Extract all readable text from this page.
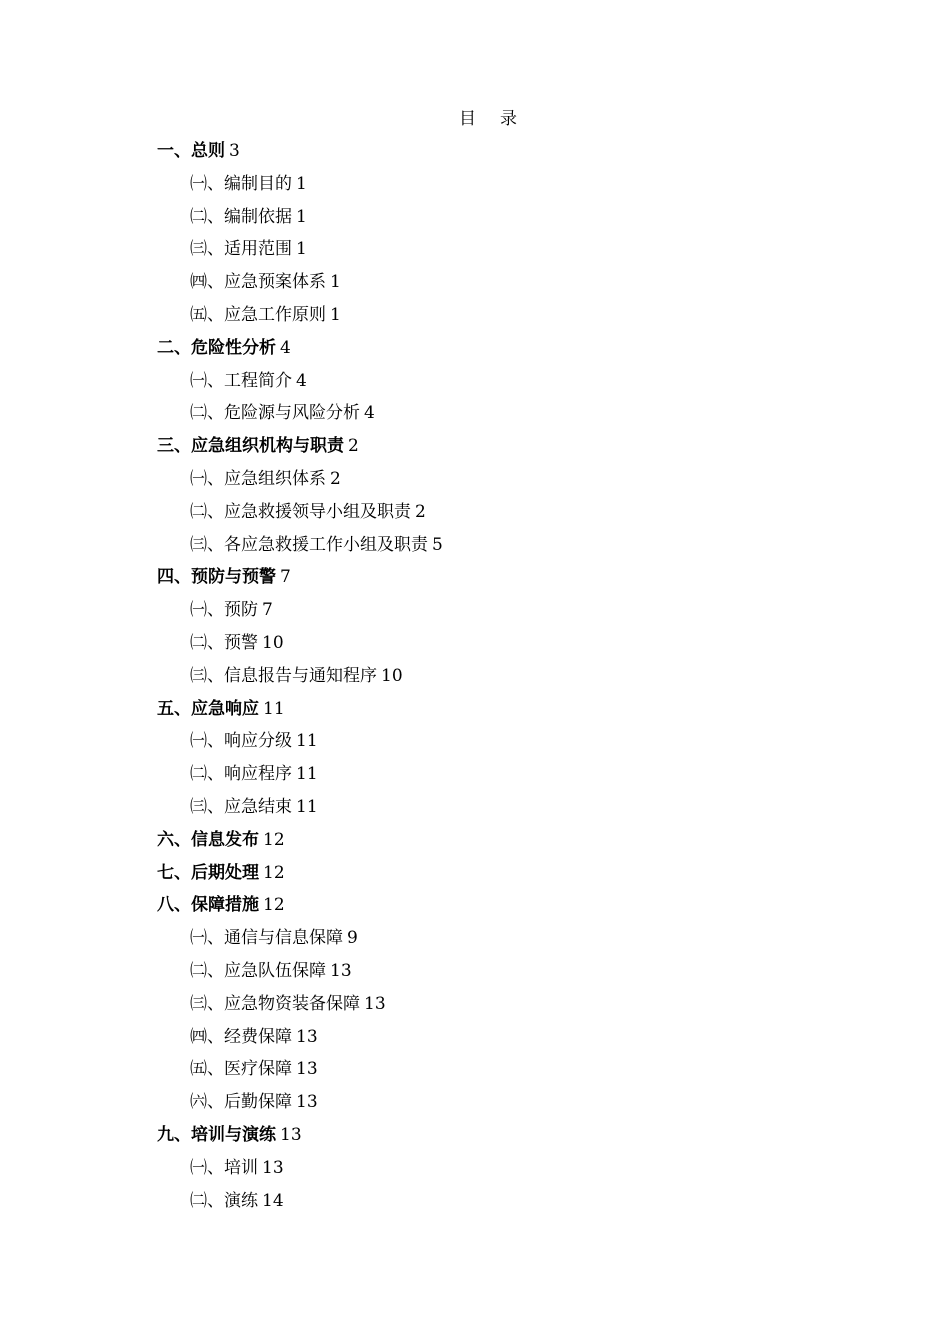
目录
一、总则 3
㈠、编制目的 1
㈡、编制依据 1
㈢、适用范围 1
㈣、应急预案体系 1
㈤、应急工作原则 1
二、危险性分析 4
㈠、工程简介 4
㈡、危险源与风险分析 4
三、应急组织机构与职责 2
㈠、应急组织体系 2
㈡、应急救援领导小组及职责 2
㈢、各应急救援工作小组及职责 5
四、预防与预警 7
㈠、预防 7
㈡、预警 10
㈢、信息报告与通知程序 10
五、应急响应 11
㈠、响应分级 11
㈡、响应程序 11
㈢、应急结束 11
六、信息发布 12
七、后期处理 12
八、保障措施 12
㈠、通信与信息保障 9
㈡、应急队伍保障 13
㈢、应急物资装备保障 13
㈣、经费保障 13
㈤、医疗保障 13
㈥、后勤保障 13
九、培训与演练 13
㈠、培训 13
㈡、演练 14
